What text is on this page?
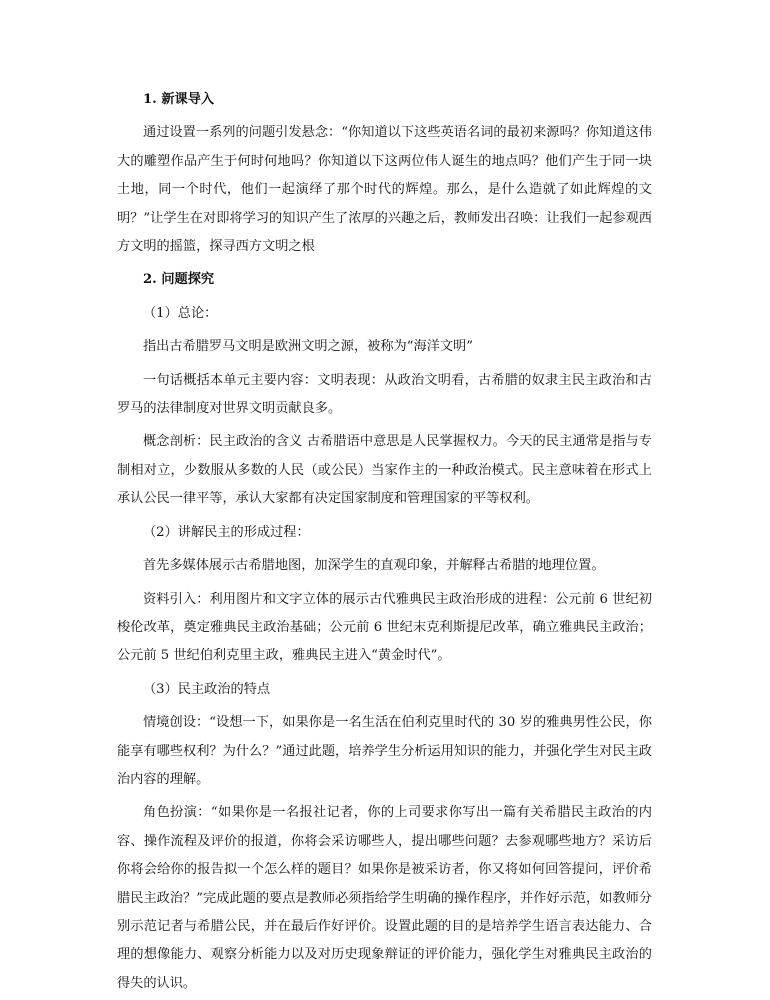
1. 新课导入

通过设置一系列的问题引发悬念：“你知道以下这些英语名词的最初来源吗？你知道这伟大的雕塑作品产生于何时何地吗？你知道以下这两位伟人诞生的地点吗？他们产生于同一块土地，同一个时代，他们一起演绎了那个时代的辉煌。那么，是什么造就了如此辉煌的文明？”让学生在对即将学习的知识产生了浓厚的兴趣之后，教师发出召唤：让我们一起参观西方文明的摇篮，探寻西方文明之根

2. 问题探究

（1）总论：

指出古希腊罗马文明是欧洲文明之源，被称为“海洋文明”

一句话概括本单元主要内容：文明表现：从政治文明看，古希腊的奴隶主民主政治和古罗马的法律制度对世界文明贡献良多。

概念剖析：民主政治的含义 古希腊语中意思是人民掌握权力。今天的民主通常是指与专制相对立，少数服从多数的人民（或公民）当家作主的一种政治模式。民主意味着在形式上承认公民一律平等，承认大家都有决定国家制度和管理国家的平等权利。

（2）讲解民主的形成过程：

首先多媒体展示古希腊地图，加深学生的直观印象，并解释古希腊的地理位置。

资料引入：利用图片和文字立体的展示古代雅典民主政治形成的进程：公元前 6 世纪初梭伦改革，奠定雅典民主政治基础；公元前 6 世纪末克利斯提尼改革，确立雅典民主政治；公元前 5 世纪伯利克里主政，雅典民主进入“黄金时代”。

（3）民主政治的特点

情境创设：“设想一下，如果你是一名生活在伯利克里时代的 30 岁的雅典男性公民，你能享有哪些权利？为什么？”通过此题，培养学生分析运用知识的能力，并强化学生对民主政治内容的理解。

角色扮演：“如果你是一名报社记者，你的上司要求你写出一篇有关希腊民主政治的内容、操作流程及评价的报道，你将会采访哪些人，提出哪些问题？去参观哪些地方？采访后你将会给你的报告拟一个怎么样的题目？如果你是被采访者，你又将如何回答提问，评价希腊民主政治？”完成此题的要点是教师必须指给学生明确的操作程序，并作好示范，如教师分别示范记者与希腊公民，并在最后作好评价。设置此题的目的是培养学生语言表达能力、合理的想像能力、观察分析能力以及对历史现象辩证的评价能力，强化学生对雅典民主政治的得失的认识。
